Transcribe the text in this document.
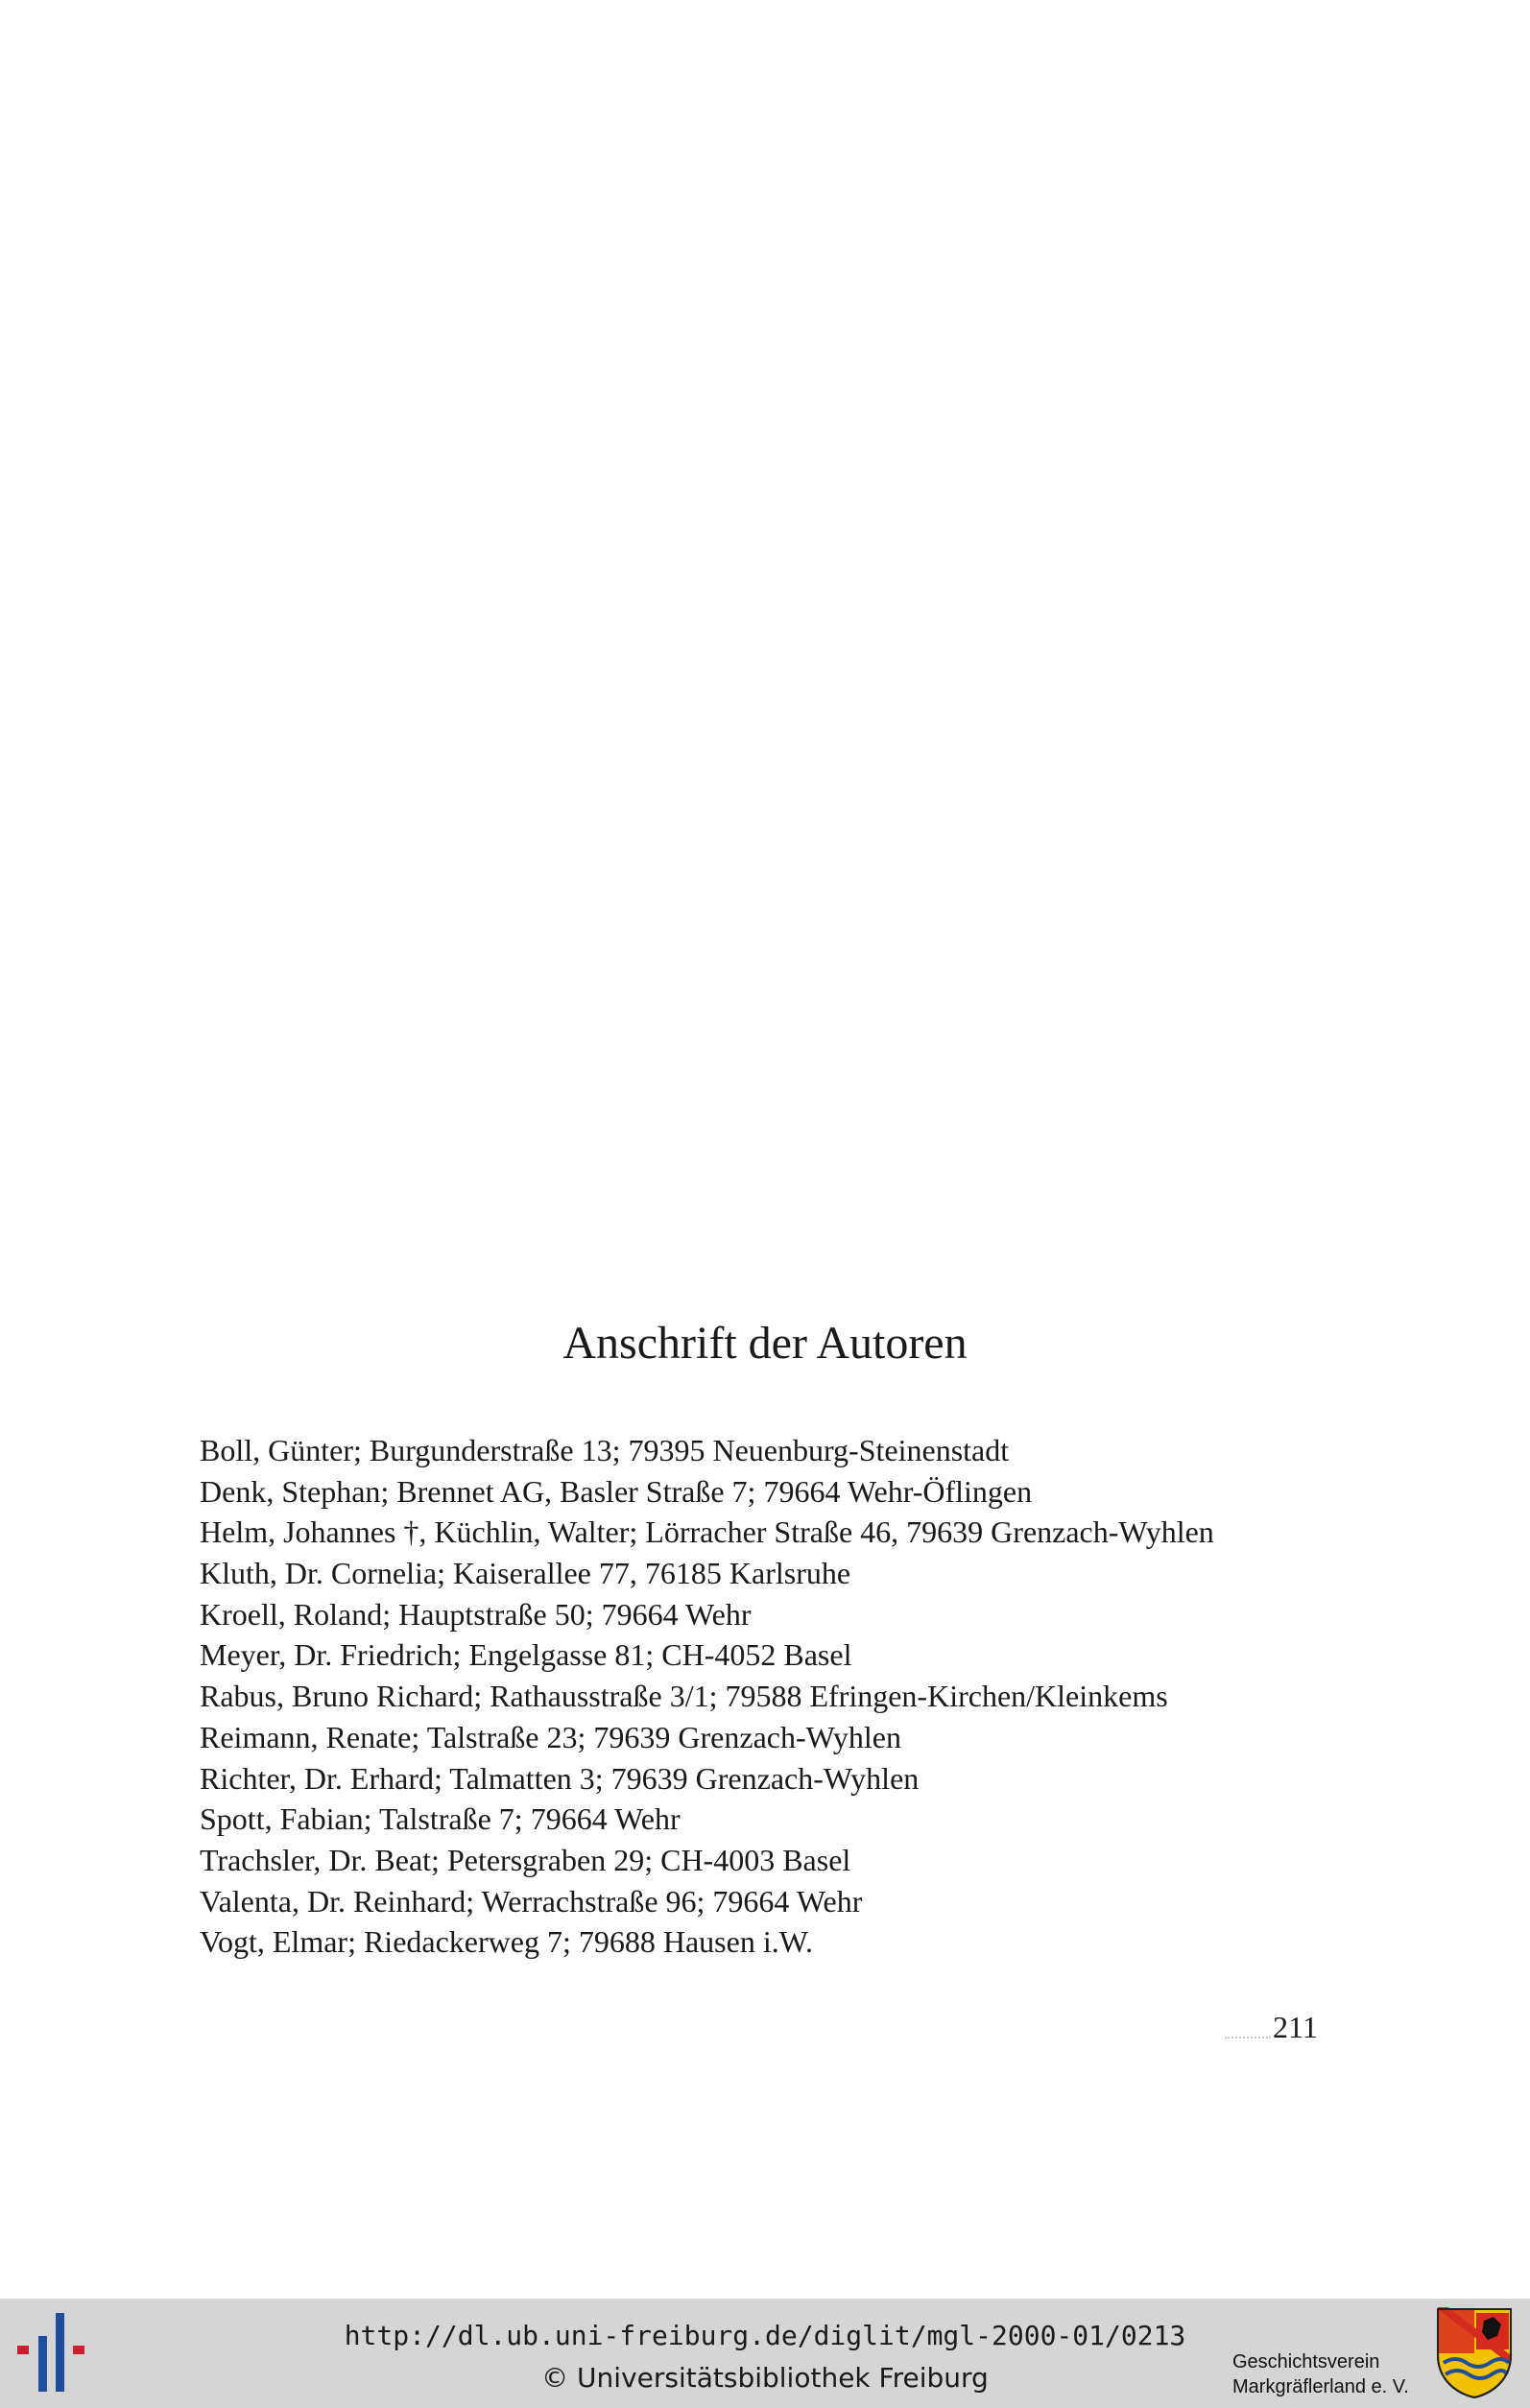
Anschrift der Autoren
Boll, Günter; Burgunderstraße 13; 79395 Neuenburg-Steinenstadt
Denk, Stephan; Brennet AG, Basler Straße 7; 79664 Wehr-Öflingen
Helm, Johannes †, Küchlin, Walter; Lörracher Straße 46, 79639 Grenzach-Wyhlen
Kluth, Dr. Cornelia; Kaiserallee 77, 76185 Karlsruhe
Kroell, Roland; Hauptstraße 50; 79664 Wehr
Meyer, Dr. Friedrich; Engelgasse 81; CH-4052 Basel
Rabus, Bruno Richard; Rathausstraße 3/1; 79588 Efringen-Kirchen/Kleinkems
Reimann, Renate; Talstraße 23; 79639 Grenzach-Wyhlen
Richter, Dr. Erhard; Talmatten 3; 79639 Grenzach-Wyhlen
Spott, Fabian; Talstraße 7; 79664 Wehr
Trachsler, Dr. Beat; Petersgraben 29; CH-4003 Basel
Valenta, Dr. Reinhard; Werrachstraße 96; 79664 Wehr
Vogt, Elmar; Riedackerweg 7; 79688 Hausen i.W.
211
http://dl.ub.uni-freiburg.de/diglit/mgl-2000-01/0213
© Universitätsbibliothek Freiburg	Geschichtsverein
Markgräflerland e. V.
